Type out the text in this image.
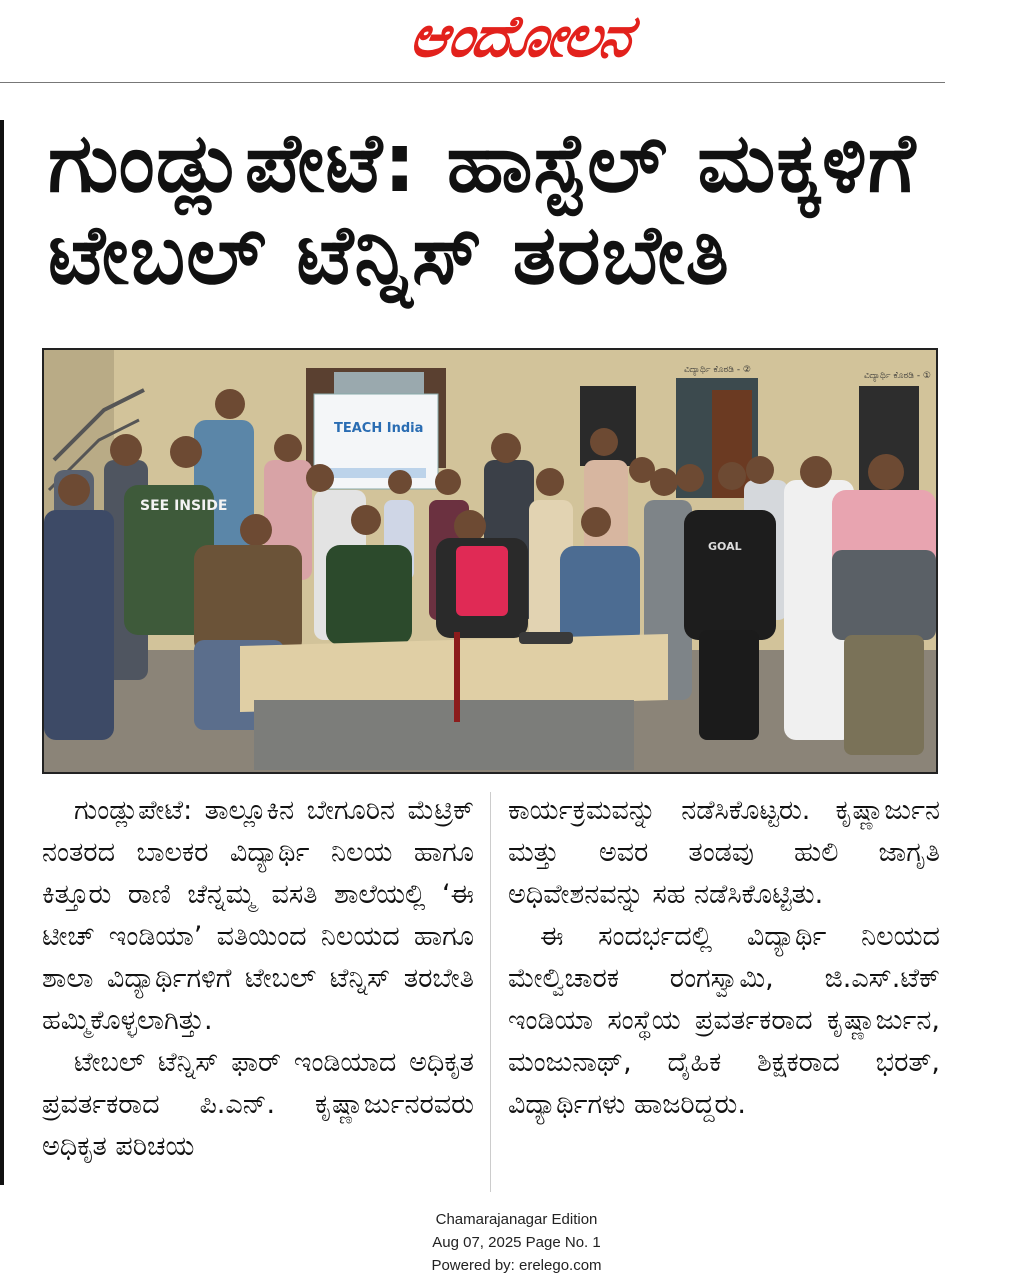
ಆಂದೋಲನ
ಗುಂಡ್ಲುಪೇಟೆ: ಹಾಸ್ಟೆಲ್ ಮಕ್ಕಳಿಗೆ
ಟೇಬಲ್ ಟೆನ್ನಿಸ್ ತರಬೇತಿ
ವಿದ್ಯಾರ್ಥಿ ಕೊಠಡಿ - ②
ವಿದ್ಯಾರ್ಥಿ ಕೊಠಡಿ - ①
TEACH India
SEE INSIDE
GOAL

ಗುಂಡ್ಲುಪೇಟೆ: ತಾಲ್ಲೂಕಿನ ಬೇಗೂರಿನ ಮೆಟ್ರಿಕ್ ನಂತರದ ಬಾಲಕರ ವಿದ್ಯಾರ್ಥಿ ನಿಲಯ ಹಾಗೂ ಕಿತ್ತೂರು ರಾಣಿ ಚೆನ್ನಮ್ಮ ವಸತಿ ಶಾಲೆಯಲ್ಲಿ ‘ಈ ಟೀಚ್ ಇಂಡಿಯಾ’ ವತಿಯಿಂದ ನಿಲಯದ ಹಾಗೂ ಶಾಲಾ ವಿದ್ಯಾರ್ಥಿಗಳಿಗೆ ಟೇಬಲ್ ಟೆನ್ನಿಸ್ ತರಬೇತಿ ಹಮ್ಮಿಕೊಳ್ಳಲಾಗಿತ್ತು.

ಟೇಬಲ್ ಟೆನ್ನಿಸ್ ಫಾರ್ ಇಂಡಿಯಾದ ಅಧಿಕೃತ ಪ್ರವರ್ತಕರಾದ ಪಿ.ಎನ್. ಕೃಷ್ಣಾರ್ಜುನರವರು ಅಧಿಕೃತ ಪರಿಚಯ

ಕಾರ್ಯಕ್ರಮವನ್ನು ನಡೆಸಿಕೊಟ್ಟರು. ಕೃಷ್ಣಾರ್ಜುನ ಮತ್ತು ಅವರ ತಂಡವು ಹುಲಿ ಜಾಗೃತಿ ಅಧಿವೇಶನವನ್ನು ಸಹ ನಡೆಸಿಕೊಟ್ಟಿತು.

ಈ ಸಂದರ್ಭದಲ್ಲಿ ವಿದ್ಯಾರ್ಥಿ ನಿಲಯದ ಮೇಲ್ವಿಚಾರಕ ರಂಗಸ್ವಾಮಿ, ಜಿ.ಎಸ್.ಟೆಕ್ ಇಂಡಿಯಾ ಸಂಸ್ಥೆಯ ಪ್ರವರ್ತಕರಾದ ಕೃಷ್ಣಾರ್ಜುನ, ಮಂಜುನಾಥ್, ದೈಹಿಕ ಶಿಕ್ಷಕರಾದ ಭರತ್, ವಿದ್ಯಾರ್ಥಿಗಳು ಹಾಜರಿದ್ದರು.

Chamarajanagar Edition
Aug 07, 2025 Page No. 1
Powered by: erelego.com
